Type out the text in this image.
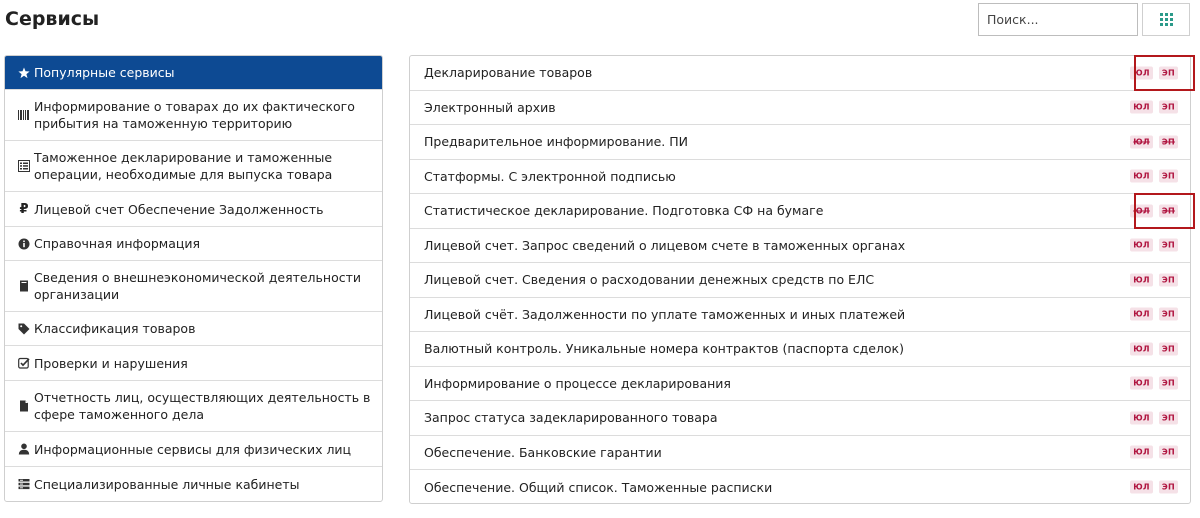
Сервисы
Поиск...
Популярные сервисы
Информирование о товарах до их фактического прибытия на таможенную территорию
Таможенное декларирование и таможенные операции, необходимые для выпуска товара
₽ Лицевой счет Обеспечение Задолженность
Справочная информация
Сведения о внешнеэкономической деятельности организации
Классификация товаров
Проверки и нарушения
Отчетность лиц, осуществляющих деятельность в сфере таможенного дела
Информационные сервисы для физических лиц
Специализированные личные кабинеты
Декларирование товаров	ЮЛ	ЭП
Электронный архив	ЮЛ	ЭП
Предварительное информирование. ПИ	ЮЛ	ЭП
Статформы. С электронной подписью	ЮЛ	ЭП
Статистическое декларирование. Подготовка СФ на бумаге	ЮЛ	ЭП
Лицевой счет. Запрос сведений о лицевом счете в таможенных органах	ЮЛ	ЭП
Лицевой счет. Сведения о расходовании денежных средств по ЕЛС	ЮЛ	ЭП
Лицевой счёт. Задолженности по уплате таможенных и иных платежей	ЮЛ	ЭП
Валютный контроль. Уникальные номера контрактов (паспорта сделок)	ЮЛ	ЭП
Информирование о процессе декларирования	ЮЛ	ЭП
Запрос статуса задекларированного товара	ЮЛ	ЭП
Обеспечение. Банковские гарантии	ЮЛ	ЭП
Обеспечение. Общий список. Таможенные расписки	ЮЛ	ЭП
